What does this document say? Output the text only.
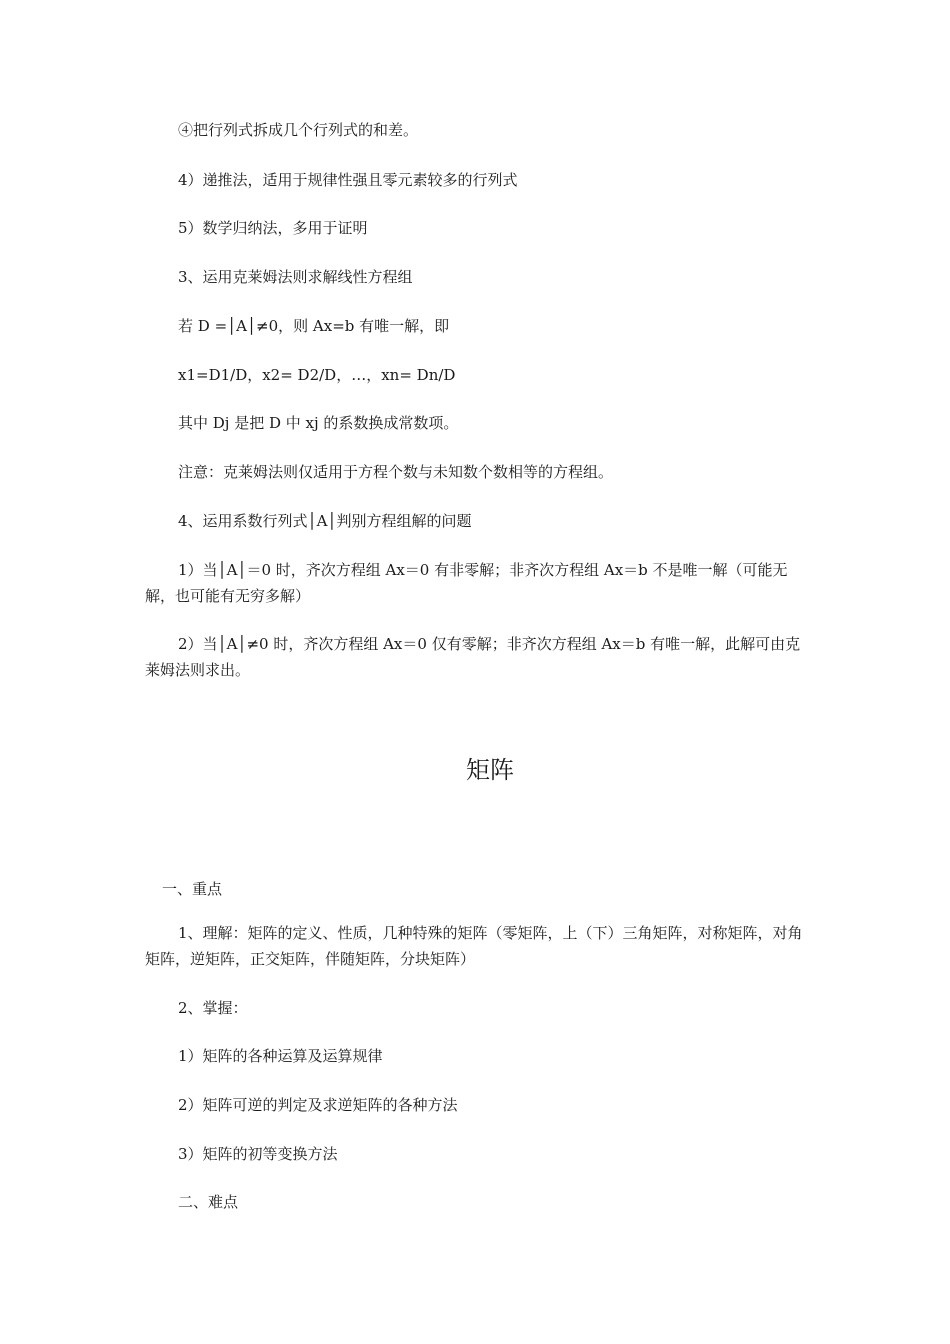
④把行列式拆成几个行列式的和差。
4）递推法，适用于规律性强且零元素较多的行列式
5）数学归纳法，多用于证明
3、运用克莱姆法则求解线性方程组
若 D =│A│≠0，则 Ax=b 有唯一解，即
x1=D1/D，x2= D2/D，…，xn= Dn/D
其中 Dj 是把 D 中 xj 的系数换成常数项。
注意：克莱姆法则仅适用于方程个数与未知数个数相等的方程组。
4、运用系数行列式│A│判别方程组解的问题
1）当│A│＝0 时，齐次方程组 Ax＝0 有非零解；非齐次方程组 Ax＝b 不是唯一解（可能无解，也可能有无穷多解）
2）当│A│≠0 时，齐次方程组 Ax＝0 仅有零解；非齐次方程组 Ax＝b 有唯一解，此解可由克莱姆法则求出。
矩阵
一、重点
1、理解：矩阵的定义、性质，几种特殊的矩阵（零矩阵，上（下）三角矩阵，对称矩阵，对角矩阵，逆矩阵，正交矩阵，伴随矩阵，分块矩阵）
2、掌握：
1）矩阵的各种运算及运算规律
2）矩阵可逆的判定及求逆矩阵的各种方法
3）矩阵的初等变换方法
二、难点
